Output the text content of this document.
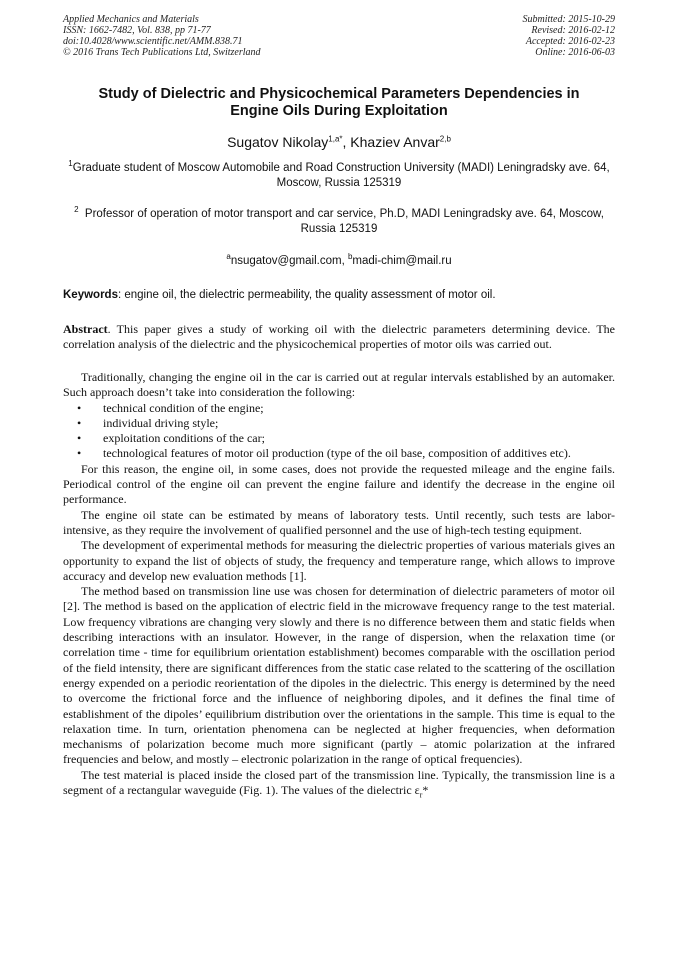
Applied Mechanics and Materials
ISSN: 1662-7482, Vol. 838, pp 71-77
doi:10.4028/www.scientific.net/AMM.838.71
© 2016 Trans Tech Publications Ltd, Switzerland
Submitted: 2015-10-29
Revised: 2016-02-12
Accepted: 2016-02-23
Online: 2016-06-03
Study of Dielectric and Physicochemical Parameters Dependencies in
Engine Oils During Exploitation
Sugatov Nikolay$^{1,a*}$, Khaziev Anvar$^{2,b}$
$^1$Graduate student of Moscow Automobile and Road Construction University (MADI) Leningradsky ave. 64, Moscow, Russia 125319
$^2$ Professor of operation of motor transport and car service, Ph.D, MADI Leningradsky ave. 64, Moscow, Russia 125319
$^a$nsugatov@gmail.com, $^b$madi-chim@mail.ru
Keywords: engine oil, the dielectric permeability, the quality assessment of motor oil.
Abstract. This paper gives a study of working oil with the dielectric parameters determining device. The correlation analysis of the dielectric and the physicochemical properties of motor oils was carried out.

Traditionally, changing the engine oil in the car is carried out at regular intervals established by an automaker. Such approach doesn’t take into consideration the following:

• technical condition of the engine;
• individual driving style;
• exploitation conditions of the car;
• technological features of motor oil production (type of the oil base, composition of additives etc).

For this reason, the engine oil, in some cases, does not provide the requested mileage and the engine fails. Periodical control of the engine oil can prevent the engine failure and identify the decrease in the engine oil performance.

The engine oil state can be estimated by means of laboratory tests. Until recently, such tests are labor-intensive, as they require the involvement of qualified personnel and the use of high-tech testing equipment.

The development of experimental methods for measuring the dielectric properties of various materials gives an opportunity to expand the list of objects of study, the frequency and temperature range, which allows to improve accuracy and develop new evaluation methods [1].

The method based on transmission line use was chosen for determination of dielectric parameters of motor oil [2]. The method is based on the application of electric field in the microwave frequency range to the test material. Low frequency vibrations are changing very slowly and there is no difference between them and static fields when describing interactions with an insulator. However, in the range of dispersion, when the relaxation time (or correlation time - time for equilibrium orientation establishment) becomes comparable with the oscillation period of the field intensity, there are significant differences from the static case related to the scattering of the oscillation energy expended on a periodic reorientation of the dipoles in the dielectric. This energy is determined by the need to overcome the frictional force and the influence of neighboring dipoles, and it defines the final time of establishment of the dipoles’ equilibrium distribution over the orientations in the sample. This time is equal to the relaxation time. In turn, orientation phenomena can be neglected at higher frequencies, when deformation mechanisms of polarization become much more significant (partly – atomic polarization at the infrared frequencies and below, and mostly – electronic polarization in the range of optical frequencies).

The test material is placed inside the closed part of the transmission line. Typically, the transmission line is a segment of a rectangular waveguide (Fig. 1). The values of the dielectric $\varepsilon_r*$
